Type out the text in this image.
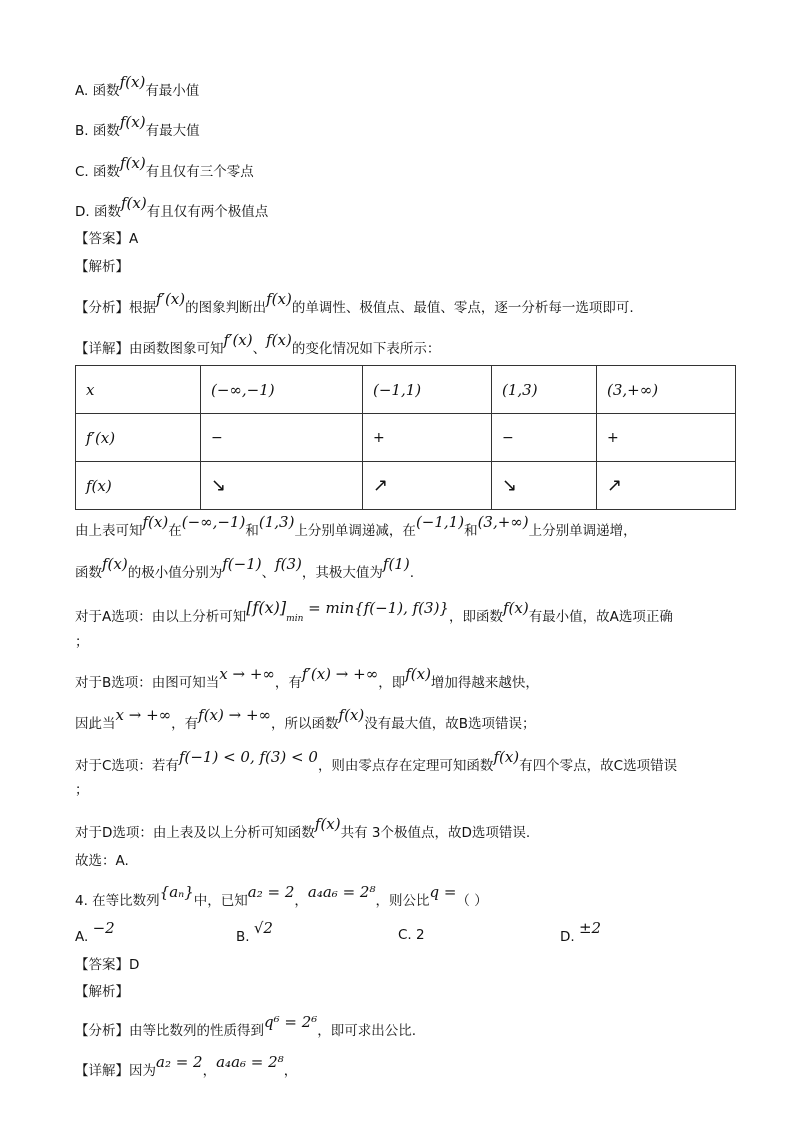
A. 函数f(x)有最小值
B. 函数f(x)有最大值
C. 函数f(x)有且仅有三个零点
D. 函数f(x)有且仅有两个极值点
【答案】A
【解析】
【分析】根据f′(x)的图象判断出f(x)的单调性、极值点、最值、零点，逐一分析每一选项即可.
【详解】由函数图象可知f′(x)、f(x)的变化情况如下表所示：
x	(−∞,−1)	(−1,1)	(1,3)	(3,+∞)
f′(x)	−	+	−	+
f(x)	↘	↗	↘	↗
由上表可知f(x)在(−∞,−1)和(1,3)上分别单调递减，在(−1,1)和(3,+∞)上分别单调递增，
函数f(x)的极小值分别为f(−1)、f(3)，其极大值为f(1).
对于A选项：由以上分析可知[f(x)]min = min{f(−1), f(3)}，即函数f(x)有最小值，故A选项正确
；
对于B选项：由图可知当x → +∞，有f′(x) → +∞，即f(x)增加得越来越快，
因此当x → +∞，有f(x) → +∞，所以函数f(x)没有最大值，故B选项错误；
对于C选项：若有f(−1) < 0, f(3) < 0，则由零点存在定理可知函数f(x)有四个零点，故C选项错误
；
对于D选项：由上表及以上分析可知函数f(x)共有 3个极值点，故D选项错误.
故选：A.
4. 在等比数列{aₙ}中，已知a₂ = 2，a₄a₆ = 2⁸，则公比q =（ ）
A. −2	B. √2	C. 2	D. ±2
【答案】D
【解析】
【分析】由等比数列的性质得到q⁶ = 2⁶，即可求出公比.
【详解】因为a₂ = 2，a₄a₆ = 2⁸，
